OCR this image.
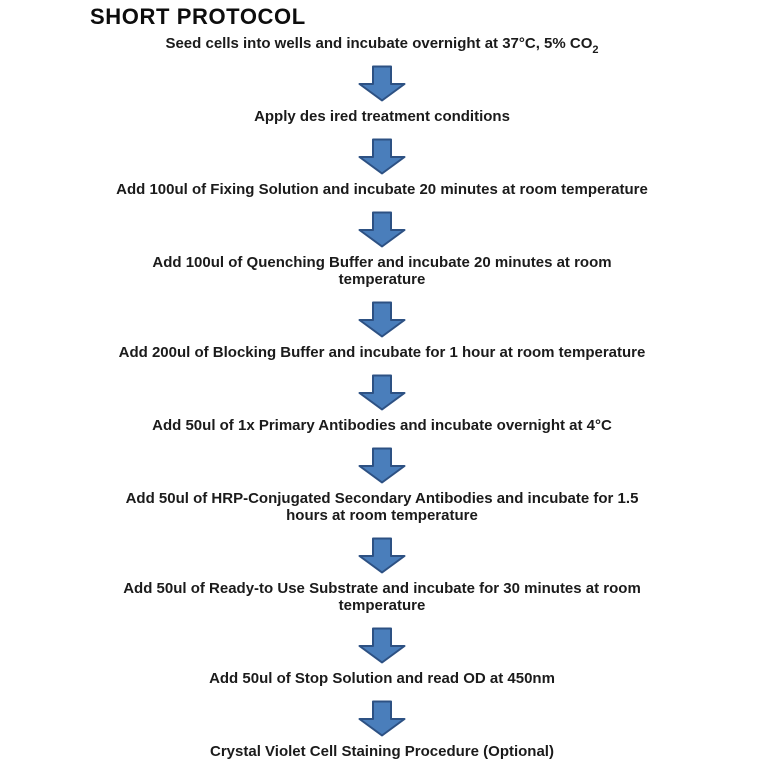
SHORT PROTOCOL
Seed cells into wells and incubate overnight at 37°C, 5% $CO_2$
Apply des ired treatment conditions
Add 100ul of Fixing Solution and incubate 20 minutes at room temperature
Add 100ul of Quenching Buffer and incubate 20 minutes at room
temperature
Add 200ul of Blocking Buffer and incubate for 1 hour at room temperature
Add 50ul of 1x Primary Antibodies and incubate overnight at 4°C
Add 50ul of HRP-Conjugated Secondary Antibodies and incubate for 1.5
hours at room temperature
Add 50ul of Ready-to Use Substrate and incubate for 30 minutes at room
temperature
Add 50ul of Stop Solution and read OD at 450nm
Crystal Violet Cell Staining Procedure (Optional)
